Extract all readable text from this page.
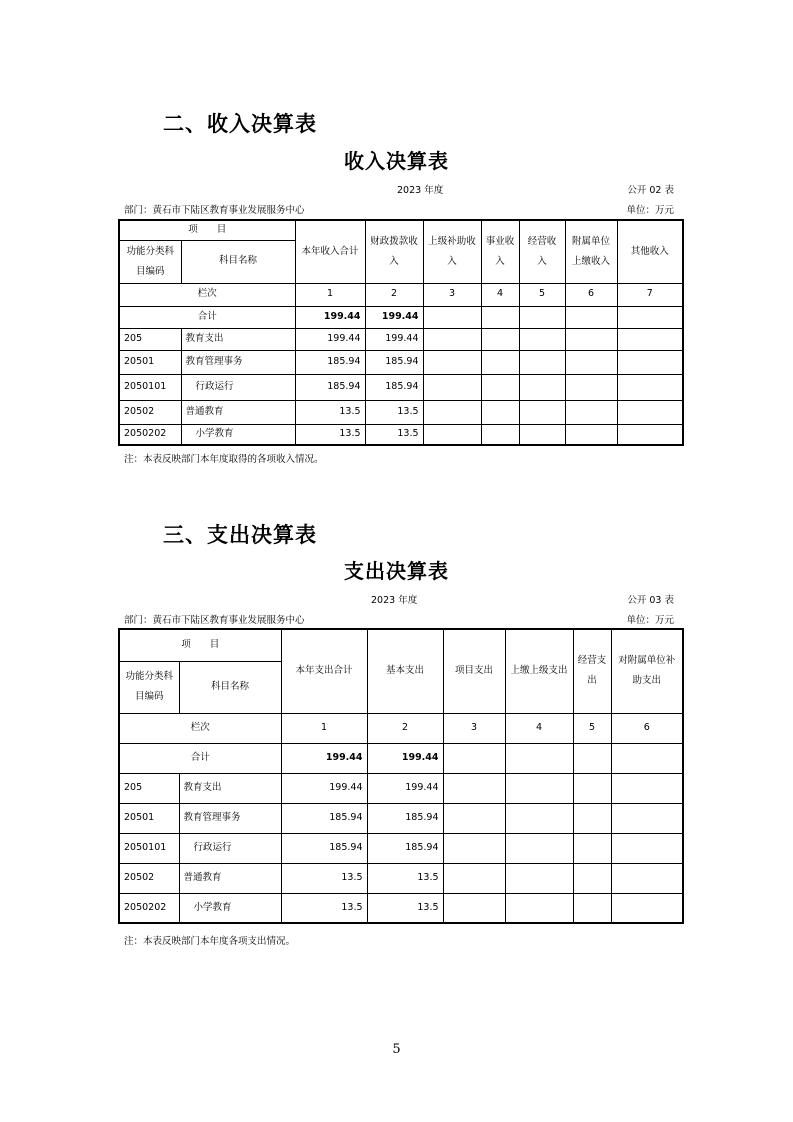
二、收入决算表
收入决算表
2023 年度	公开 02 表
部门：黄石市下陆区教育事业发展服务中心	单位：万元
项　　目		本年收入合计	财政拨款收入	上级补助收入	事业收入	经营收入	附属单位上缴收入	其他收入
功能分类科目编码	科目名称							
栏次		1	2	3	4	5	6	7
合计		199.44	199.44					
205	教育支出	199.44	199.44					
20501	教育管理事务	185.94	185.94					
2050101	行政运行	185.94	185.94					
20502	普通教育	13.5	13.5					
2050202	小学教育	13.5	13.5					
注：本表反映部门本年度取得的各项收入情况。
三、支出决算表
支出决算表
2023 年度	公开 03 表
部门：黄石市下陆区教育事业发展服务中心	单位：万元
项　　目		本年支出合计	基本支出	项目支出	上缴上级支出	经营支出	对附属单位补助支出
功能分类科目编码	科目名称						
栏次		1	2	3	4	5	6
合计		199.44	199.44				
205	教育支出	199.44	199.44				
20501	教育管理事务	185.94	185.94				
2050101	行政运行	185.94	185.94				
20502	普通教育	13.5	13.5				
2050202	小学教育	13.5	13.5				
注：本表反映部门本年度各项支出情况。
5
